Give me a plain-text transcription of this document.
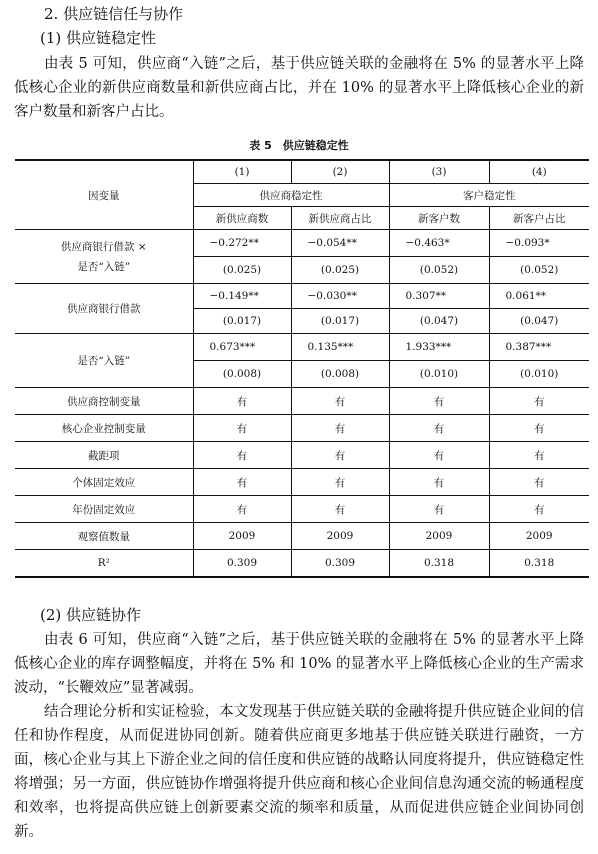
2. 供应链信任与协作

(1) 供应链稳定性

由表 5 可知，供应商“入链”之后，基于供应链关联的金融将在 5% 的显著水平上降低核心企业的新供应商数量和新供应商占比，并在 10% 的显著水平上降低核心企业的新客户数量和新客户占比。

表 5　供应链稳定性

因变量	(1)	(2)	(3)	(4)
	供应商稳定性		客户稳定性	
	新供应商数	新供应商占比	新客户数	新客户占比

供应商银行借款 ×
是否“入链”	−0.272**	−0.054**	−0.463*	−0.093*
	(0.025)	(0.025)	(0.052)	(0.052)
供应商银行借款	−0.149**	−0.030**	0.307**	0.061**
	(0.017)	(0.017)	(0.047)	(0.047)
是否“入链”	0.673***	0.135***	1.933***	0.387***
	(0.008)	(0.008)	(0.010)	(0.010)
供应商控制变量	有	有	有	有
核心企业控制变量	有	有	有	有
截距项	有	有	有	有
个体固定效应	有	有	有	有
年份固定效应	有	有	有	有
观察值数量	2009	2009	2009	2009
R²	0.309	0.309	0.318	0.318

(2) 供应链协作

由表 6 可知，供应商“入链”之后，基于供应链关联的金融将在 5% 的显著水平上降低核心企业的库存调整幅度，并将在 5% 和 10% 的显著水平上降低核心企业的生产需求波动，“长鞭效应”显著减弱。

结合理论分析和实证检验，本文发现基于供应链关联的金融将提升供应链企业间的信任和协作程度，从而促进协同创新。随着供应商更多地基于供应链关联进行融资，一方面，核心企业与其上下游企业之间的信任度和供应链的战略认同度将提升，供应链稳定性将增强；另一方面，供应链协作增强将提升供应商和核心企业间信息沟通交流的畅通程度和效率，也将提高供应链上创新要素交流的频率和质量，从而促进供应链企业间协同创新。
